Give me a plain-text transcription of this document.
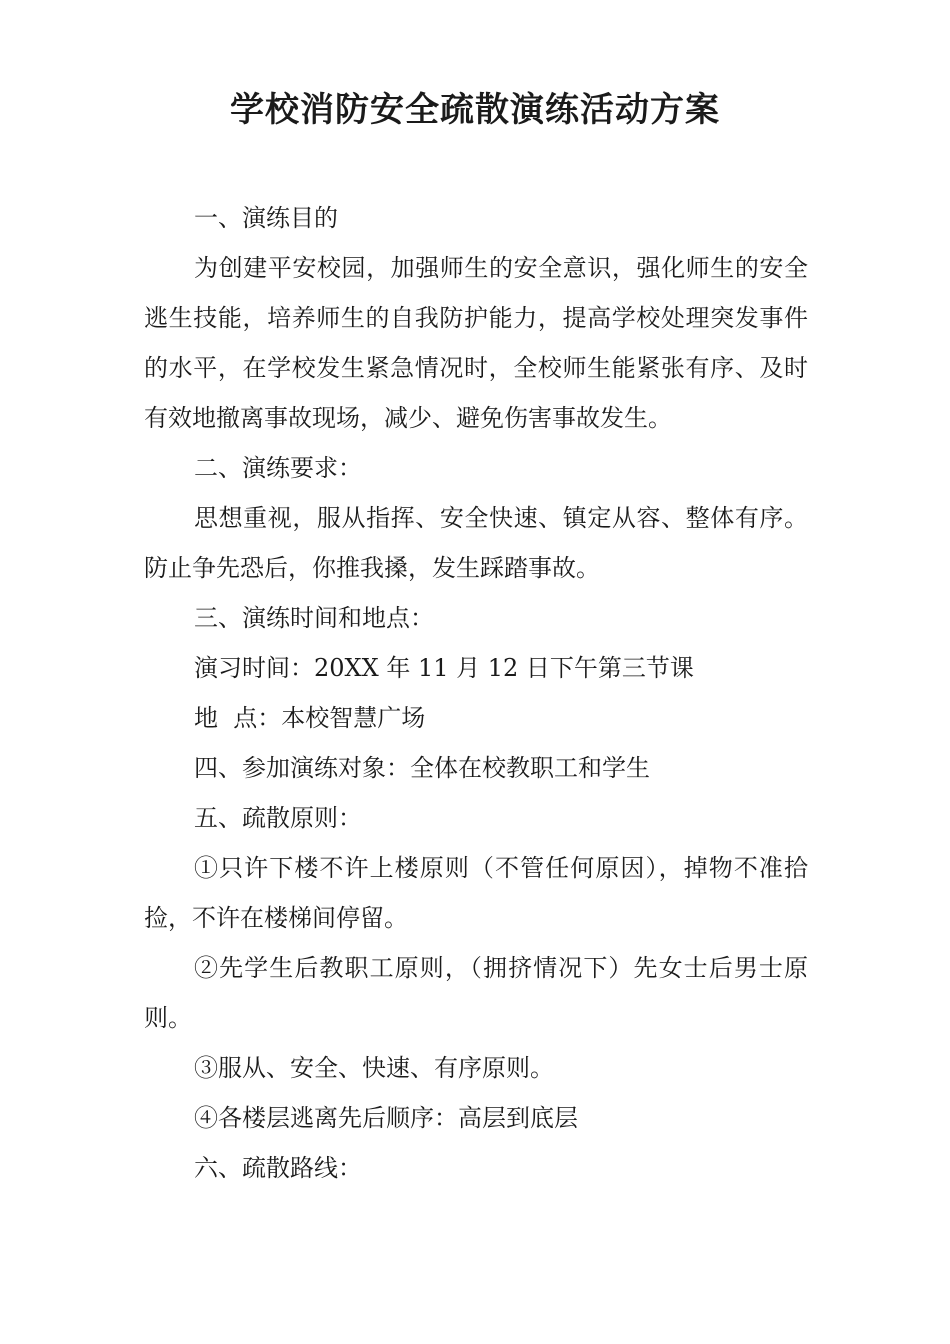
学校消防安全疏散演练活动方案

一、演练目的

为创建平安校园，加强师生的安全意识，强化师生的安全逃生技能，培养师生的自我防护能力，提高学校处理突发事件的水平，在学校发生紧急情况时，全校师生能紧张有序、及时有效地撤离事故现场，减少、避免伤害事故发生。

二、演练要求：

思想重视，服从指挥、安全快速、镇定从容、整体有序。防止争先恐后，你推我搡，发生踩踏事故。

三、演练时间和地点：

演习时间：20XX 年 11 月 12 日下午第三节课

地  点：本校智慧广场

四、参加演练对象：全体在校教职工和学生

五、疏散原则：

①只许下楼不许上楼原则（不管任何原因），掉物不准拾捡，不许在楼梯间停留。

②先学生后教职工原则，（拥挤情况下）先女士后男士原则。

③服从、安全、快速、有序原则。

④各楼层逃离先后顺序：高层到底层

六、疏散路线：
